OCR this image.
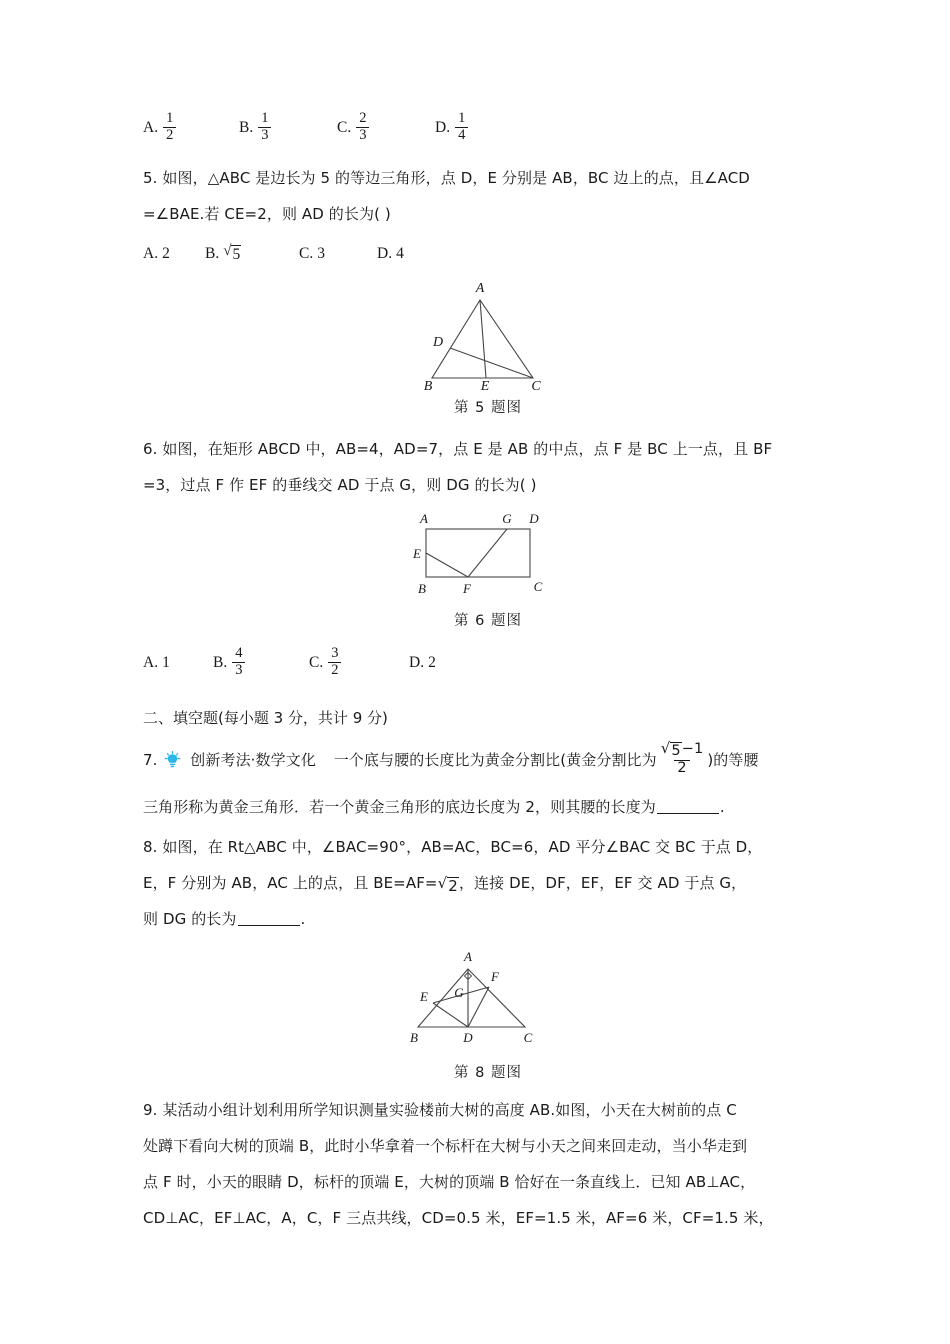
A. $\frac{1}{2}$	B. $\frac{1}{3}$	C. $\frac{2}{3}$	D. $\frac{1}{4}$
5. 如图，△ABC 是边长为 5 的等边三角形，点 D，E 分别是 AB，BC 边上的点，且∠ACD
=∠BAE.若 CE=2，则 AD 的长为( )
A. 2 B. √ 5	C. 3	D. 4
A
D
B	E	C
第 5 题图
6. 如图，在矩形 ABCD 中，AB=4，AD=7，点 E 是 AB 的中点，点 F 是 BC 上一点，且 BF
=3，过点 F 作 EF 的垂线交 AD 于点 G，则 DG 的长为( )
A	G D
E
B	F	C
第 6 题图
A. 1	B. $\frac{4}{3}$	C. $\frac{3}{2}$	D. 2
二、填空题(每小题 3 分，共计 9 分)
7. 创新考法·数学文化 一个底与腰的长度比为黄金分割比(黄金分割比为 $\frac{√ 5 -1}{2}$ )的等腰
三角形称为黄金三角形．若一个黄金三角形的底边长度为 2，则其腰的长度为	.
8. 如图，在 Rt△ABC 中，∠BAC=90°，AB=AC，BC=6，AD 平分∠BAC 交 BC 于点 D，
E，F 分别为 AB，AC 上的点，且 BE=AF= √ 2 ，连接 DE，DF，EF，EF 交 AD 于点 G，
则 DG 的长为	.
A
G
F
E
B	D	C
第 8 题图
9. 某活动小组计划利用所学知识测量实验楼前大树的高度 AB.如图，小天在大树前的点 C
处蹲下看向大树的顶端 B，此时小华拿着一个标杆在大树与小天之间来回走动，当小华走到
点 F 时，小天的眼睛 D，标杆的顶端 E，大树的顶端 B 恰好在一条直线上．已知 AB⊥AC，
CD⊥AC，EF⊥AC，A，C，F 三点共线，CD=0.5 米，EF=1.5 米，AF=6 米，CF=1.5 米，
